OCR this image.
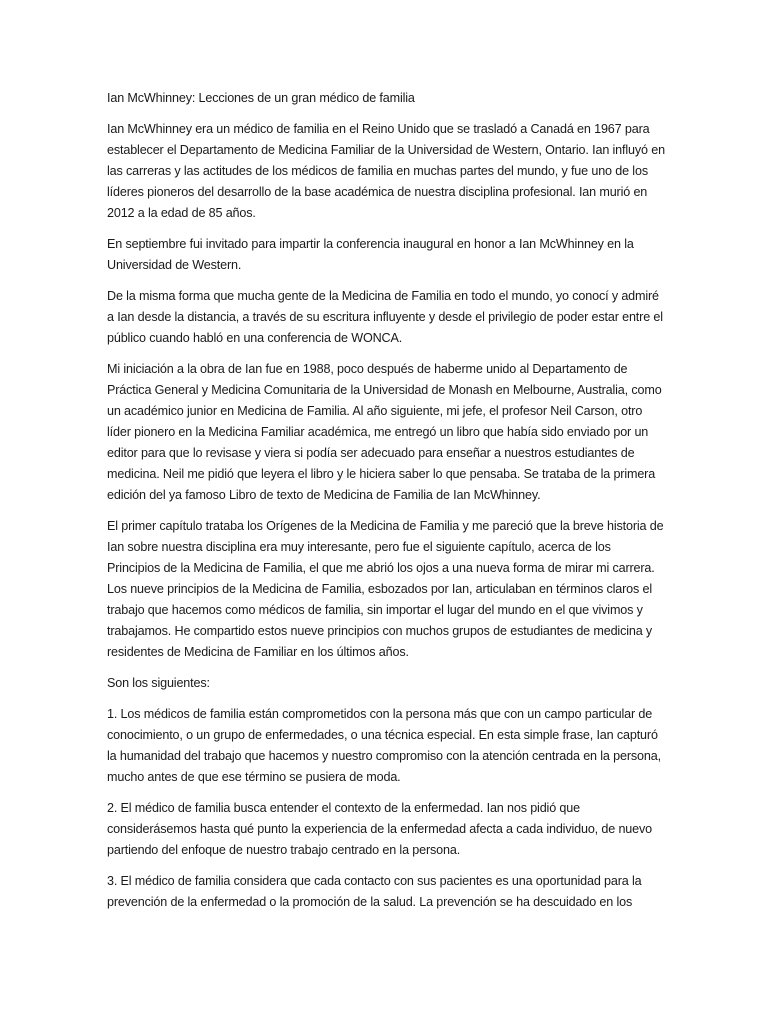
Ian McWhinney: Lecciones de un gran médico de familia

Ian McWhinney era un médico de familia en el Reino Unido que se trasladó a Canadá en 1967 para establecer el Departamento de Medicina Familiar de la Universidad de Western, Ontario. Ian influyó en las carreras y las actitudes de los médicos de familia en muchas partes del mundo, y fue uno de los líderes pioneros del desarrollo de la base académica de nuestra disciplina profesional. Ian murió en 2012 a la edad de 85 años.

En septiembre fui invitado para impartir la conferencia inaugural en honor a Ian McWhinney en la Universidad de Western.

De la misma forma que mucha gente de la Medicina de Familia en todo el mundo, yo conocí y admiré a Ian desde la distancia, a través de su escritura influyente y desde el privilegio de poder estar entre el público cuando habló en una conferencia de WONCA.

Mi iniciación a la obra de Ian fue en 1988, poco después de haberme unido al Departamento de Práctica General y Medicina Comunitaria de la Universidad de Monash en Melbourne, Australia, como un académico junior en Medicina de Familia. Al año siguiente, mi jefe, el profesor Neil Carson, otro líder pionero en la Medicina Familiar académica, me entregó un libro que había sido enviado por un editor para que lo revisase y viera si podía ser adecuado para enseñar a nuestros estudiantes de medicina. Neil me pidió que leyera el libro y le hiciera saber lo que pensaba. Se trataba de la primera edición del ya famoso Libro de texto de Medicina de Familia de Ian McWhinney.

El primer capítulo trataba los Orígenes de la Medicina de Familia y me pareció que la breve historia de Ian sobre nuestra disciplina era muy interesante, pero fue el siguiente capítulo, acerca de los Principios de la Medicina de Familia, el que me abrió los ojos a una nueva forma de mirar mi carrera. Los nueve principios de la Medicina de Familia, esbozados por Ian, articulaban en términos claros el trabajo que hacemos como médicos de familia, sin importar el lugar del mundo en el que vivimos y trabajamos. He compartido estos nueve principios con muchos grupos de estudiantes de medicina y residentes de Medicina de Familiar en los últimos años.

Son los siguientes:

1. Los médicos de familia están comprometidos con la persona más que con un campo particular de conocimiento, o un grupo de enfermedades, o una técnica especial. En esta simple frase, Ian capturó la humanidad del trabajo que hacemos y nuestro compromiso con la atención centrada en la persona, mucho antes de que ese término se pusiera de moda.

2. El médico de familia busca entender el contexto de la enfermedad. Ian nos pidió que considerásemos hasta qué punto la experiencia de la enfermedad afecta a cada individuo, de nuevo partiendo del enfoque de nuestro trabajo centrado en la persona.

3. El médico de familia considera que cada contacto con sus pacientes es una oportunidad para la prevención de la enfermedad o la promoción de la salud. La prevención se ha descuidado en los
